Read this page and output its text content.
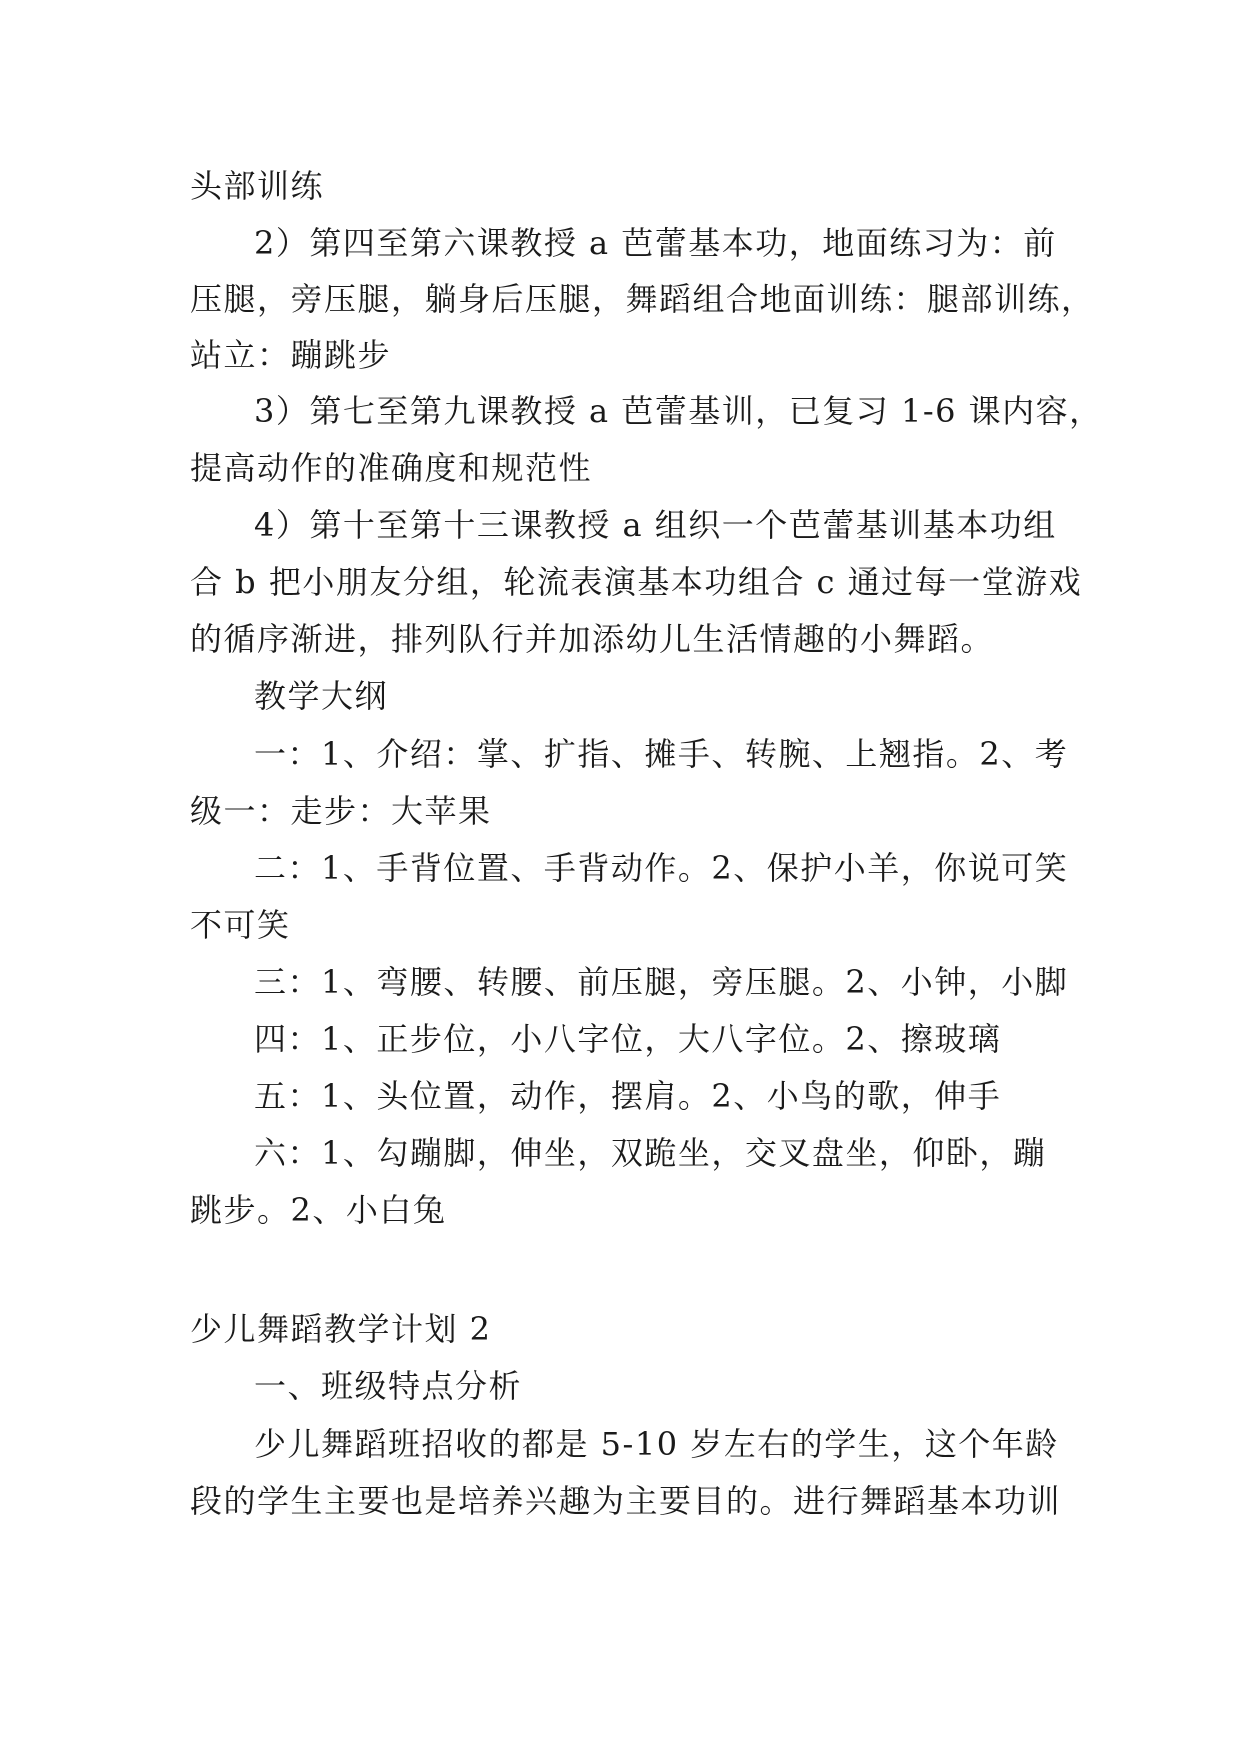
头部训练
2）第四至第六课教授 a 芭蕾基本功，地面练习为：前
压腿，旁压腿，躺身后压腿，舞蹈组合地面训练：腿部训练，
站立：蹦跳步
3）第七至第九课教授 a 芭蕾基训，已复习 1-6 课内容，
提高动作的准确度和规范性
4）第十至第十三课教授 a 组织一个芭蕾基训基本功组
合 b 把小朋友分组，轮流表演基本功组合 c 通过每一堂游戏
的循序渐进，排列队行并加添幼儿生活情趣的小舞蹈。
教学大纲
一：1、介绍：掌、扩指、摊手、转腕、上翘指。2、考
级一：走步：大苹果
二：1、手背位置、手背动作。2、保护小羊，你说可笑
不可笑
三：1、弯腰、转腰、前压腿，旁压腿。2、小钟，小脚
四：1、正步位，小八字位，大八字位。2、擦玻璃
五：1、头位置，动作，摆肩。2、小鸟的歌，伸手
六：1、勾蹦脚，伸坐，双跪坐，交叉盘坐，仰卧，蹦
跳步。2、小白兔
少儿舞蹈教学计划 2
一、班级特点分析
少儿舞蹈班招收的都是 5-10 岁左右的学生，这个年龄
段的学生主要也是培养兴趣为主要目的。进行舞蹈基本功训
